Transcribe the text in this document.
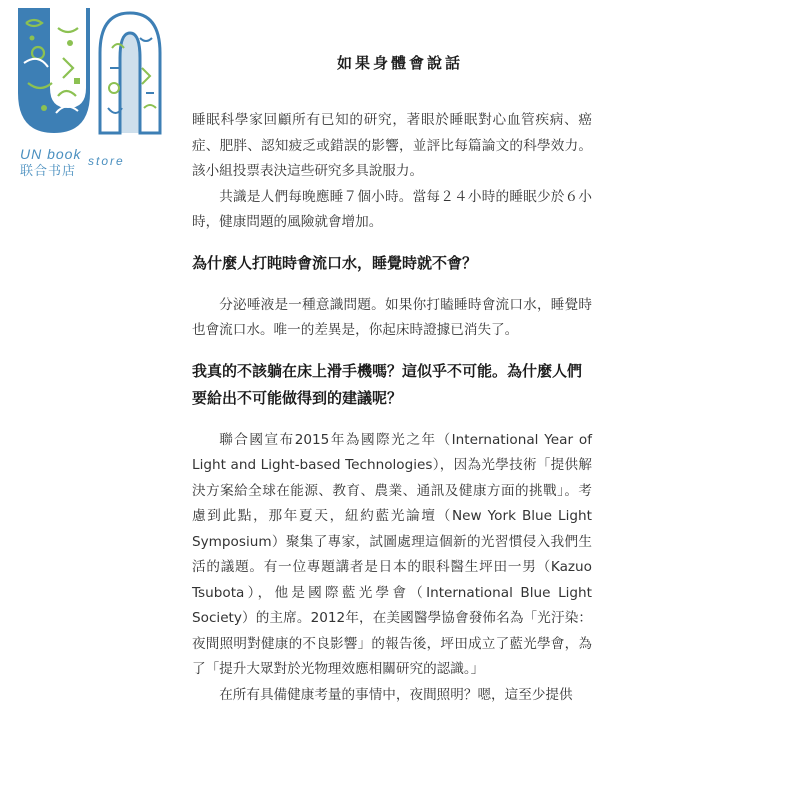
UN book store
联合书店
如果身體會說話

睡眠科學家回顧所有已知的研究，著眼於睡眠對心血管疾病、癌症、肥胖、認知疲乏或錯誤的影響，並評比每篇論文的科學效力。該小組投票表決這些研究多具說服力。

共識是人們每晚應睡７個小時。當每２４小時的睡眠少於６小時，健康問題的風險就會增加。

為什麼人打盹時會流口水，睡覺時就不會？

分泌唾液是一種意識問題。如果你打瞌睡時會流口水，睡覺時也會流口水。唯一的差異是，你起床時證據已消失了。

我真的不該躺在床上滑手機嗎？這似乎不可能。為什麼人們要給出不可能做得到的建議呢？

聯合國宣布2015年為國際光之年（International Year of Light and Light-based Technologies），因為光學技術「提供解決方案給全球在能源、教育、農業、通訊及健康方面的挑戰」。考慮到此點，那年夏天，紐約藍光論壇（New York Blue Light Symposium）聚集了專家，試圖處理這個新的光習慣侵入我們生活的議題。有一位專題講者是日本的眼科醫生坪田一男（Kazuo Tsubota），他是國際藍光學會（International Blue Light Society）的主席。2012年，在美國醫學協會發佈名為「光汙染：夜間照明對健康的不良影響」的報告後，坪田成立了藍光學會，為了「提升大眾對於光物理效應相關研究的認識。」

在所有具備健康考量的事情中，夜間照明？嗯，這至少提供
